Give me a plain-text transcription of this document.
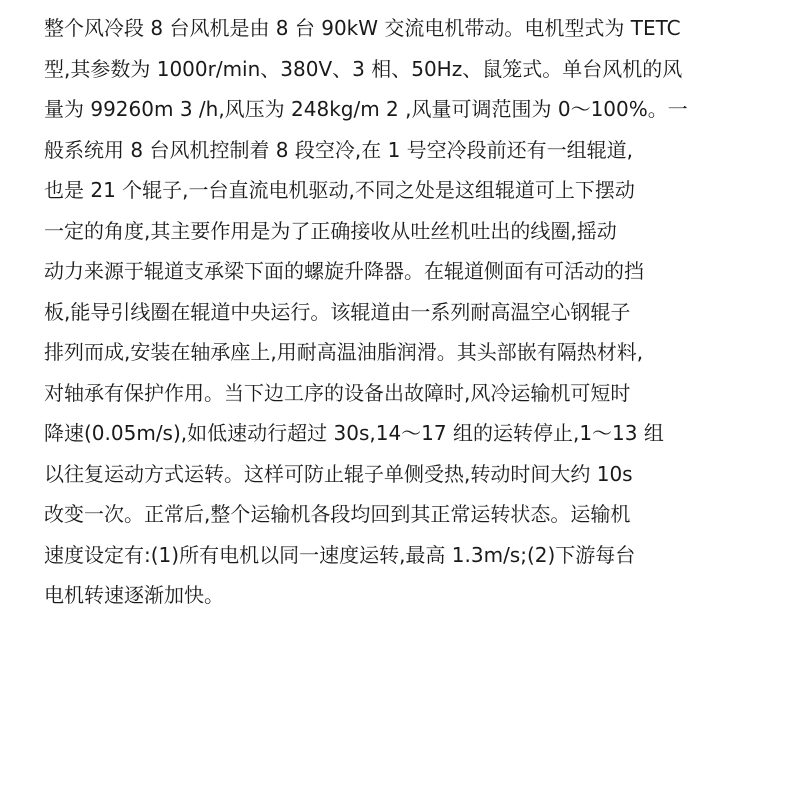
整个风冷段 8 台风机是由 8 台 90kW 交流电机带动。电机型式为 TETC
型,其参数为 1000r/min、380V、3 相、50Hz、鼠笼式。单台风机的风
量为 99260m 3 /h,风压为 248kg/m 2 ,风量可调范围为 0～100%。一
般系统用 8 台风机控制着 8 段空冷,在 1 号空冷段前还有一组辊道,
也是 21 个辊子,一台直流电机驱动,不同之处是这组辊道可上下摆动
一定的角度,其主要作用是为了正确接收从吐丝机吐出的线圈,摇动
动力来源于辊道支承梁下面的螺旋升降器。在辊道侧面有可活动的挡
板,能导引线圈在辊道中央运行。该辊道由一系列耐高温空心钢辊子
排列而成,安装在轴承座上,用耐高温油脂润滑。其头部嵌有隔热材料,
对轴承有保护作用。当下边工序的设备出故障时,风冷运输机可短时
降速(0.05m/s),如低速动行超过 30s,14～17 组的运转停止,1～13 组
以往复运动方式运转。这样可防止辊子单侧受热,转动时间大约 10s
改变一次。正常后,整个运输机各段均回到其正常运转状态。运输机
速度设定有:(1)所有电机以同一速度运转,最高 1.3m/s;(2)下游每台
电机转速逐渐加快。
